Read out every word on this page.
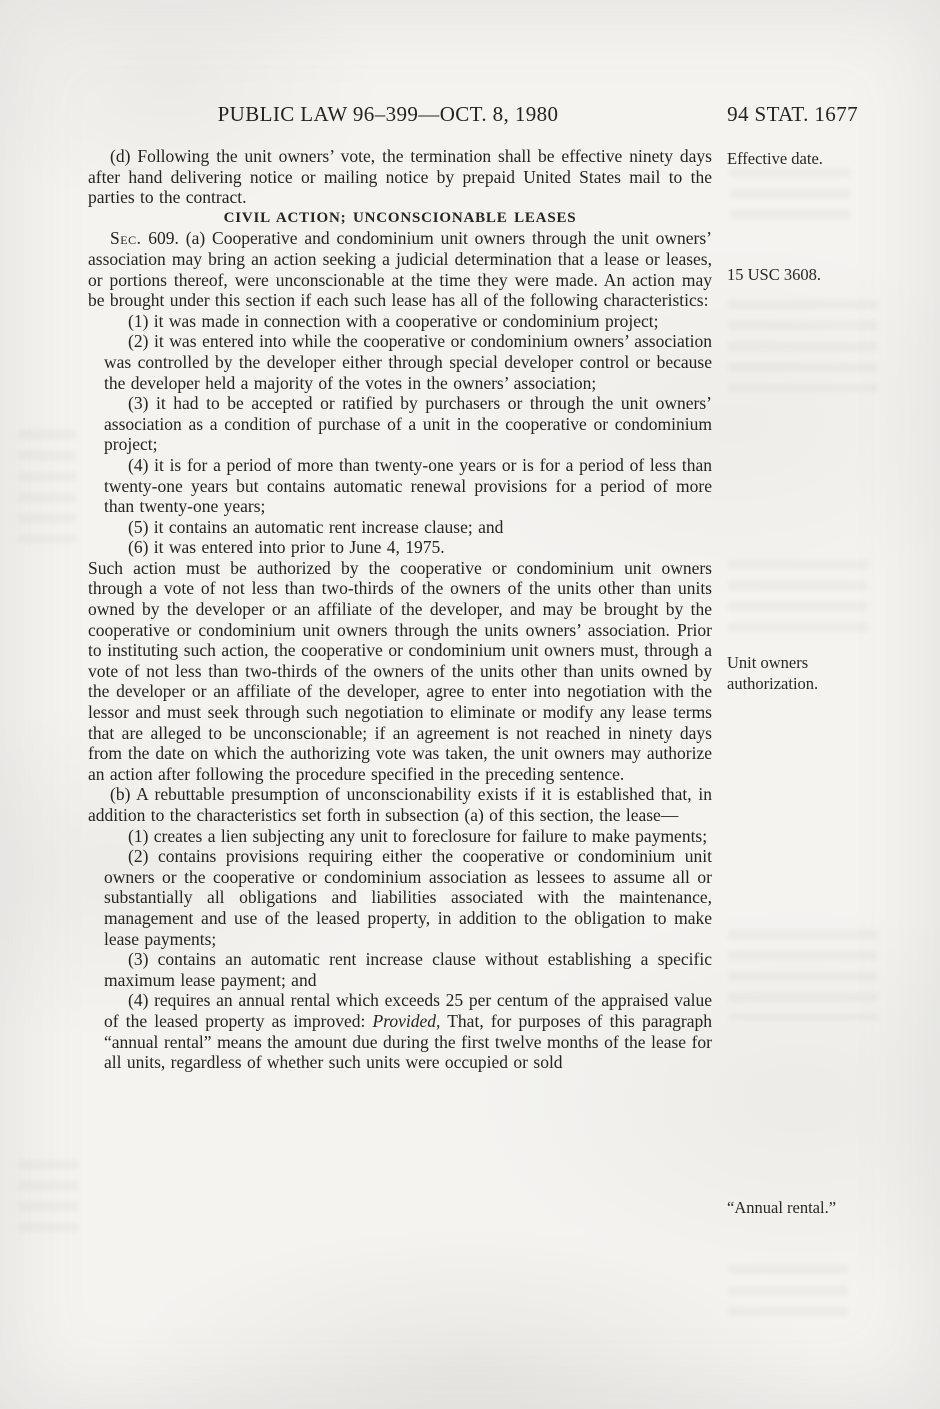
PUBLIC LAW 96–399—OCT. 8, 1980	94 STAT. 1677

(d) Following the unit owners’ vote, the termination shall be effective ninety days after hand delivering notice or mailing notice by prepaid United States mail to the parties to the contract.

CIVIL ACTION; UNCONSCIONABLE LEASES

Sec. 609. (a) Cooperative and condominium unit owners through the unit owners’ association may bring an action seeking a judicial determination that a lease or leases, or portions thereof, were unconscionable at the time they were made. An action may be brought under this section if each such lease has all of the following characteristics:

(1) it was made in connection with a cooperative or condominium project;

(2) it was entered into while the cooperative or condominium owners’ association was controlled by the developer either through special developer control or because the developer held a majority of the votes in the owners’ association;

(3) it had to be accepted or ratified by purchasers or through the unit owners’ association as a condition of purchase of a unit in the cooperative or condominium project;

(4) it is for a period of more than twenty-one years or is for a period of less than twenty-one years but contains automatic renewal provisions for a period of more than twenty-one years;

(5) it contains an automatic rent increase clause; and

(6) it was entered into prior to June 4, 1975.

Such action must be authorized by the cooperative or condominium unit owners through a vote of not less than two-thirds of the owners of the units other than units owned by the developer or an affiliate of the developer, and may be brought by the cooperative or condominium unit owners through the units owners’ association. Prior to instituting such action, the cooperative or condominium unit owners must, through a vote of not less than two-thirds of the owners of the units other than units owned by the developer or an affiliate of the developer, agree to enter into negotiation with the lessor and must seek through such negotiation to eliminate or modify any lease terms that are alleged to be unconscionable; if an agreement is not reached in ninety days from the date on which the authorizing vote was taken, the unit owners may authorize an action after following the procedure specified in the preceding sentence.

(b) A rebuttable presumption of unconscionability exists if it is established that, in addition to the characteristics set forth in subsection (a) of this section, the lease—

(1) creates a lien subjecting any unit to foreclosure for failure to make payments;

(2) contains provisions requiring either the cooperative or condominium unit owners or the cooperative or condominium association as lessees to assume all or substantially all obligations and liabilities associated with the maintenance, management and use of the leased property, in addition to the obligation to make lease payments;

(3) contains an automatic rent increase clause without establishing a specific maximum lease payment; and

(4) requires an annual rental which exceeds 25 per centum of the appraised value of the leased property as improved: Provided, That, for purposes of this paragraph “annual rental” means the amount due during the first twelve months of the lease for all units, regardless of whether such units were occupied or sold

Effective date.
15 USC 3608.
Unit owners authorization.
“Annual rental.”
